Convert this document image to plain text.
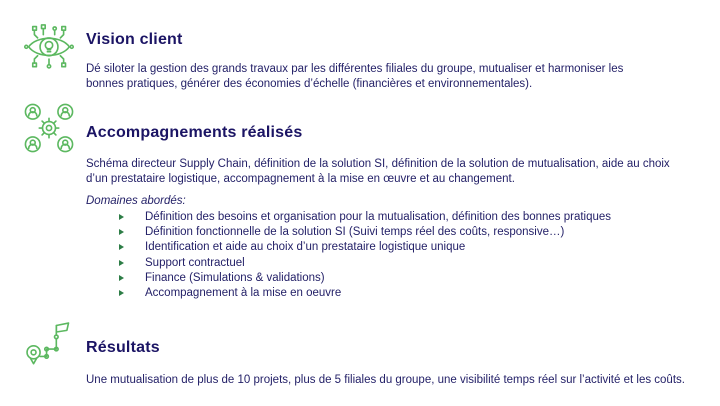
Vision client

Dé siloter la gestion des grands travaux par les différentes filiales du groupe, mutualiser et harmoniser les bonnes pratiques, générer des économies d’échelle (financières et environnementales).

Accompagnements réalisés

Schéma directeur Supply Chain, définition de la solution SI, définition de la solution de mutualisation, aide au choix d’un prestataire logistique, accompagnement à la mise en œuvre et au changement.

Domaines abordés:

Définition des besoins et organisation pour la mutualisation, définition des bonnes pratiques
Définition fonctionnelle de la solution SI (Suivi temps réel des coûts, responsive…)
Identification et aide au choix d’un prestataire logistique unique
Support contractuel
Finance (Simulations & validations)
Accompagnement à la mise en oeuvre
Résultats

Une mutualisation de plus de 10 projets, plus de 5 filiales du groupe, une visibilité temps réel sur l’activité et les coûts.
